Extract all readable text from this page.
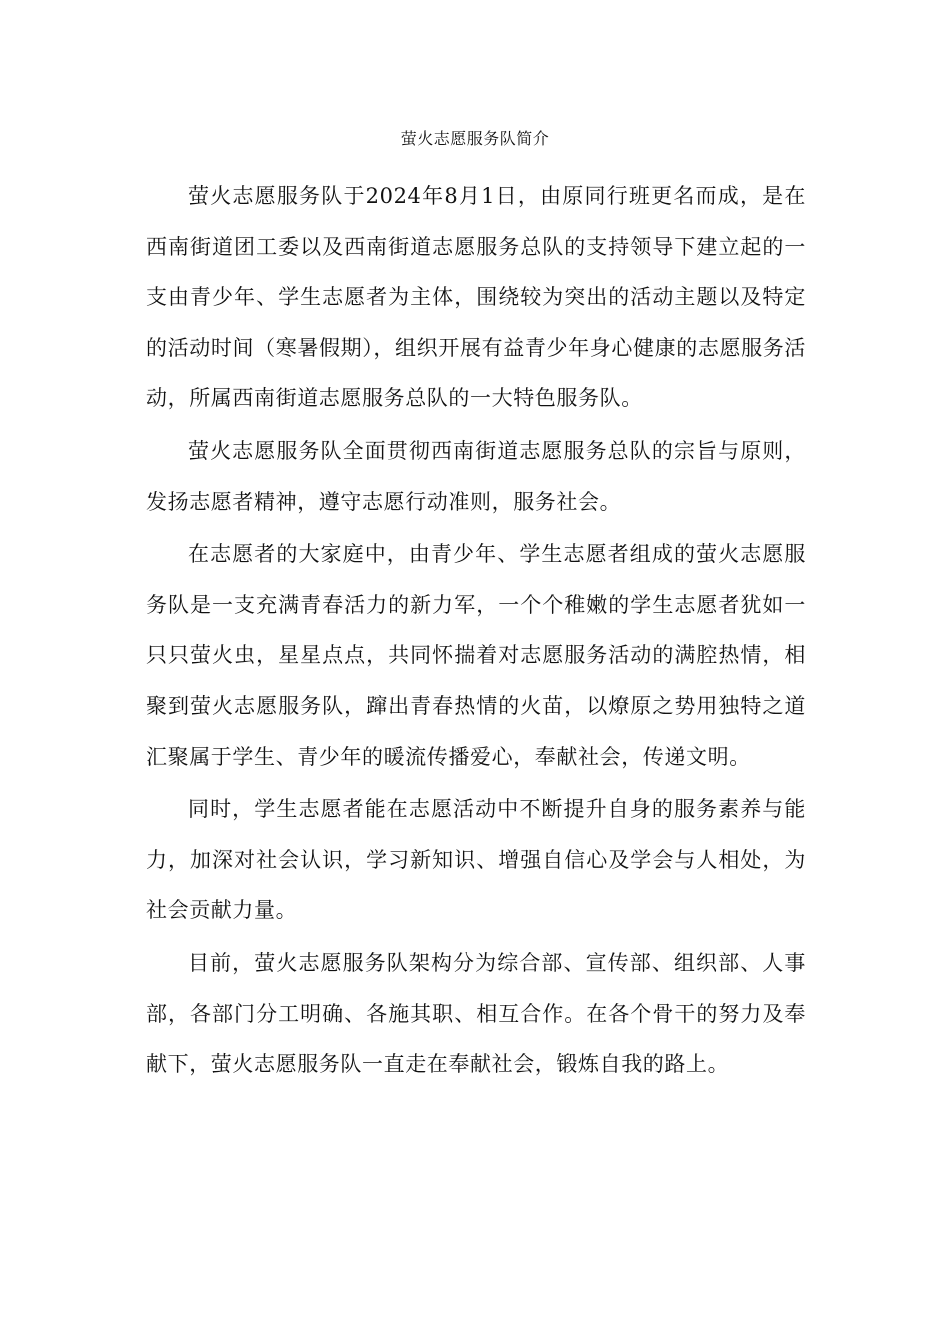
萤火志愿服务队简介

萤火志愿服务队于2024年8月1日，由原同行班更名而成，是在西南街道团工委以及西南街道志愿服务总队的支持领导下建立起的一支由青少年、学生志愿者为主体，围绕较为突出的活动主题以及特定的活动时间（寒暑假期），组织开展有益青少年身心健康的志愿服务活动，所属西南街道志愿服务总队的一大特色服务队。

萤火志愿服务队全面贯彻西南街道志愿服务总队的宗旨与原则，发扬志愿者精神，遵守志愿行动准则，服务社会。

在志愿者的大家庭中，由青少年、学生志愿者组成的萤火志愿服务队是一支充满青春活力的新力军，一个个稚嫩的学生志愿者犹如一只只萤火虫，星星点点，共同怀揣着对志愿服务活动的满腔热情，相聚到萤火志愿服务队，蹿出青春热情的火苗，以燎原之势用独特之道汇聚属于学生、青少年的暖流传播爱心，奉献社会，传递文明。

同时，学生志愿者能在志愿活动中不断提升自身的服务素养与能力，加深对社会认识，学习新知识、增强自信心及学会与人相处，为社会贡献力量。

目前，萤火志愿服务队架构分为综合部、宣传部、组织部、人事部，各部门分工明确、各施其职、相互合作。在各个骨干的努力及奉献下，萤火志愿服务队一直走在奉献社会，锻炼自我的路上。
